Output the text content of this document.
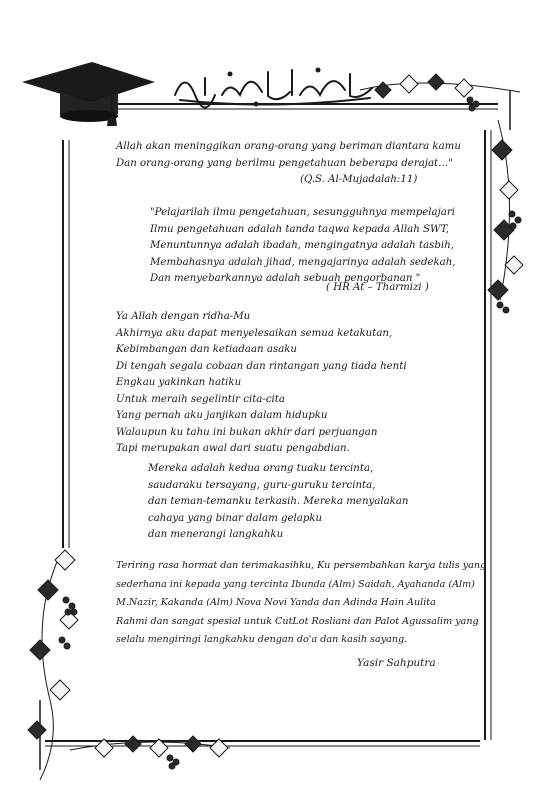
Allah akan meninggikan orang-orang yang beriman diantara kamu
Dan orang-orang yang berilmu pengetahuan beberapa derajat…"
(Q.S. Al-Mujadalah:11)
"Pelajarilah ilmu pengetahuan, sesungguhnya mempelajari
Ilmu pengetahuan adalah tanda taqwa kepada Allah SWT,
Menuntunnya adalah ibadah, mengingatnya adalah tasbih,
Membahasnya adalah jihad, mengajarinya adalah sedekah,
Dan menyebarkannya adalah sebuah pengorbanan "
( HR At – Tharmizi )
Ya Allah dengan ridha-Mu
Akhirnya aku dapat menyelesaikan semua ketakutan,
Kebimbangan dan ketiadaan asaku
Di tengah segala cobaan dan rintangan yang tiada henti
Engkau yakinkan hatiku
Untuk meraih segelintir cita-cita
Yang pernah aku janjikan dalam hidupku
Walaupun ku tahu ini bukan akhir dari perjuangan
Tapi merupakan awal dari suatu pengabdian.
Mereka adalah kedua orang tuaku tercinta,
saudaraku tersayang, guru-guruku tercinta,
dan teman-temanku terkasih. Mereka menyalakan
cahaya yang binar dalam gelapku
dan menerangi langkahku
Teriring rasa hormat dan terimakasihku, Ku persembahkan karya tulis yang
sederhana ini kepada yang tercinta Ibunda (Alm) Saidah, Ayahanda (Alm)
M.Nazir, Kakanda (Alm) Nova Novi Yanda dan Adinda Hain Aulita
Rahmi dan sangat spesial untuk CutLot Rosliani dan Palot Agussalim yang
selalu mengiringi langkahku dengan do'a dan kasih sayang.
Yasir Sahputra
